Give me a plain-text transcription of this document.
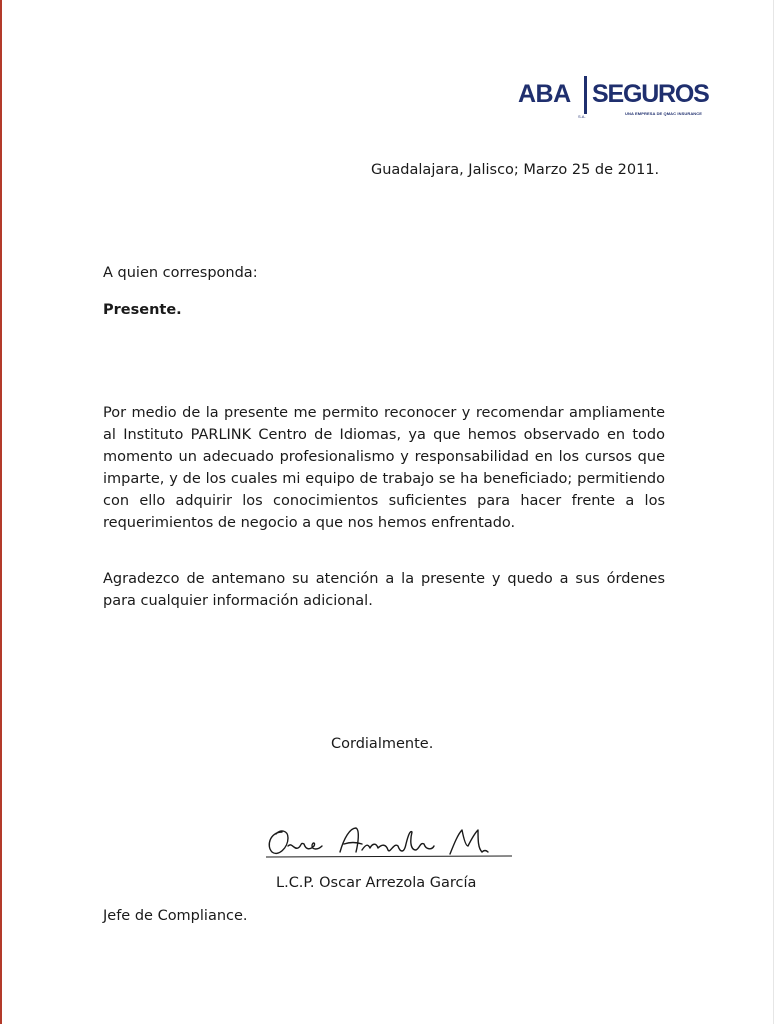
ABA SEGUROS
S.A.
UNA EMPRESA DE QMAC INSURANCE
Guadalajara, Jalisco; Marzo 25 de 2011.
A quien corresponda:
Presente.
Por medio de la presente me permito reconocer y recomendar ampliamente al Instituto PARLINK Centro de Idiomas, ya que hemos observado en todo momento un adecuado profesionalismo y responsabilidad en los cursos que imparte, y de los cuales mi equipo de trabajo se ha beneficiado; permitiendo con ello adquirir los conocimientos suficientes para hacer frente a los requerimientos de negocio a que nos hemos enfrentado.
Agradezco de antemano su atención a la presente y quedo a sus órdenes para cualquier información adicional.
Cordialmente.
L.C.P. Oscar Arrezola García
Jefe de Compliance.
